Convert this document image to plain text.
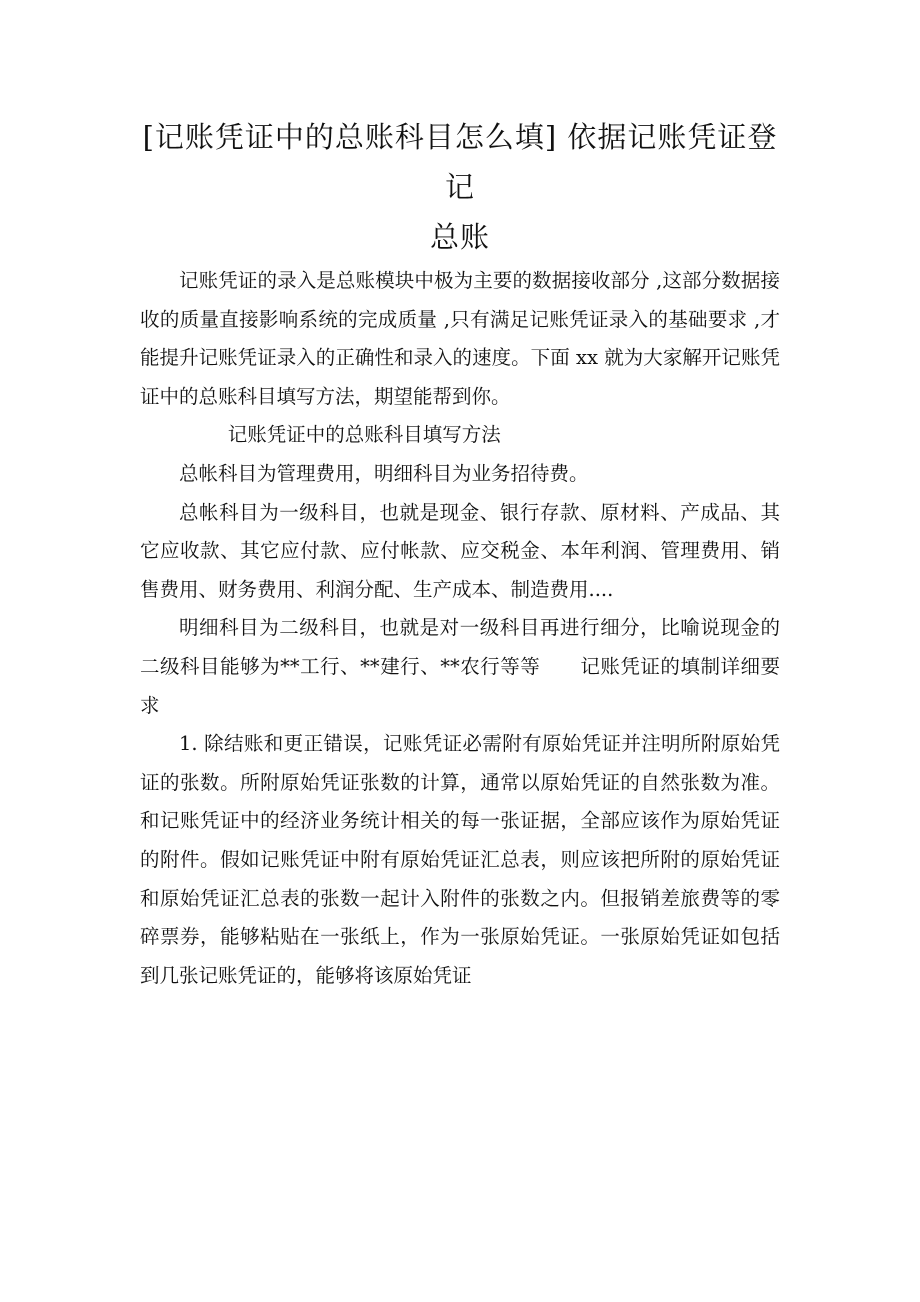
[记账凭证中的总账科目怎么填] 依据记账凭证登记
总账

记账凭证的录入是总账模块中极为主要的数据接收部分 ,这部分数据接收的质量直接影响系统的完成质量 ,只有满足记账凭证录入的基础要求 ,才能提升记账凭证录入的正确性和录入的速度。下面 xx 就为大家解开记账凭证中的总账科目填写方法，期望能帮到你。

记账凭证中的总账科目填写方法

总帐科目为管理费用，明细科目为业务招待费。

总帐科目为一级科目，也就是现金、银行存款、原材料、产成品、其它应收款、其它应付款、应付帐款、应交税金、本年利润、管理费用、销售费用、财务费用、利润分配、生产成本、制造费用....

明细科目为二级科目，也就是对一级科目再进行细分，比喻说现金的二级科目能够为**工行、**建行、**农行等等　　记账凭证的填制详细要求

1. 除结账和更正错误，记账凭证必需附有原始凭证并注明所附原始凭证的张数。所附原始凭证张数的计算，通常以原始凭证的自然张数为准。和记账凭证中的经济业务统计相关的每一张证据，全部应该作为原始凭证的附件。假如记账凭证中附有原始凭证汇总表，则应该把所附的原始凭证和原始凭证汇总表的张数一起计入附件的张数之内。但报销差旅费等的零碎票券，能够粘贴在一张纸上，作为一张原始凭证。一张原始凭证如包括到几张记账凭证的，能够将该原始凭证
